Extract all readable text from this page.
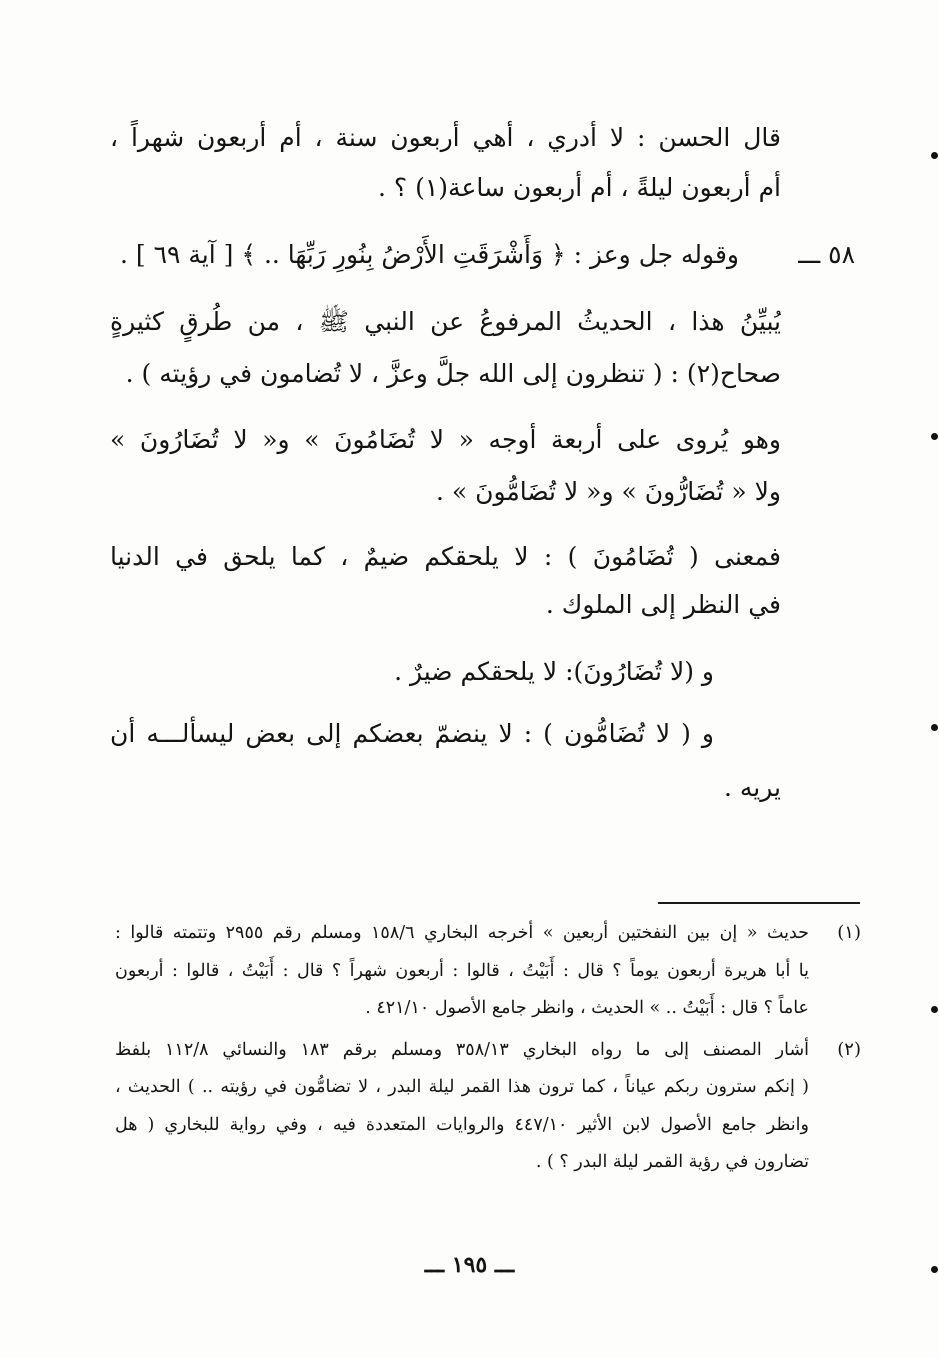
قال الحسن : لا أدري ، أهي أربعون سنة ، أم أربعون شهراً ،
أم أربعون ليلةً ، أم أربعون ساعة(١) ؟ .
٥٨ ـــ
وقوله جل وعز : ﴿ وَأَشْرَقَتِ الأَرْضُ بِنُورِ رَبِّهَا .. ﴾ [ آية ٦٩ ] .
يُبيِّنُ هذا ، الحديثُ المرفوعُ عن النبي ﷺ ، من طُرقٍ كثيرةٍ
صحاح(٢) : ( تنظرون إلى الله جلَّ وعزَّ ، لا تُضامون في رؤيته ) .
وهو يُروى على أربعة أوجه « لا تُضَامُونَ » و« لا تُضَارُونَ »
ولا « تُضَارُّونَ » و« لا تُضَامُّونَ » .
فمعنى ( تُضَامُونَ ) : لا يلحقكم ضيمٌ ، كما يلحق في الدنيا
في النظر إلى الملوك .
و (لا تُضَارُونَ): لا يلحقكم ضيرٌ .
و ( لا تُضَامُّون ) : لا ينضمّ بعضكم إلى بعض ليسألـــه أن
يريه .
(١)
حديث « إن بين النفختين أربعين » أخرجه البخاري ١٥٨/٦ ومسلم رقم ٢٩٥٥ وتتمته قالوا :
يا أبا هريرة أربعون يوماً ؟ قال : أَبَيْتُ ، قالوا : أربعون شهراً ؟ قال : أَبَيْتُ ، قالوا : أربعون
عاماً ؟ قال : أَبَيْتُ .. » الحديث ، وانظر جامع الأصول ٤٢١/١٠ .
(٢)
أشار المصنف إلى ما رواه البخاري ٣٥٨/١٣ ومسلم برقم ١٨٣ والنسائي ١١٢/٨ بلفظ
( إنكم سترون ربكم عياناً ، كما ترون هذا القمر ليلة البدر ، لا تضامُّون في رؤيته .. ) الحديث ،
وانظر جامع الأصول لابن الأثير ٤٤٧/١٠ والروايات المتعددة فيه ، وفي رواية للبخاري ( هل
تضارون في رؤية القمر ليلة البدر ؟ ) .
ـــ ١٩٥ ـــ
